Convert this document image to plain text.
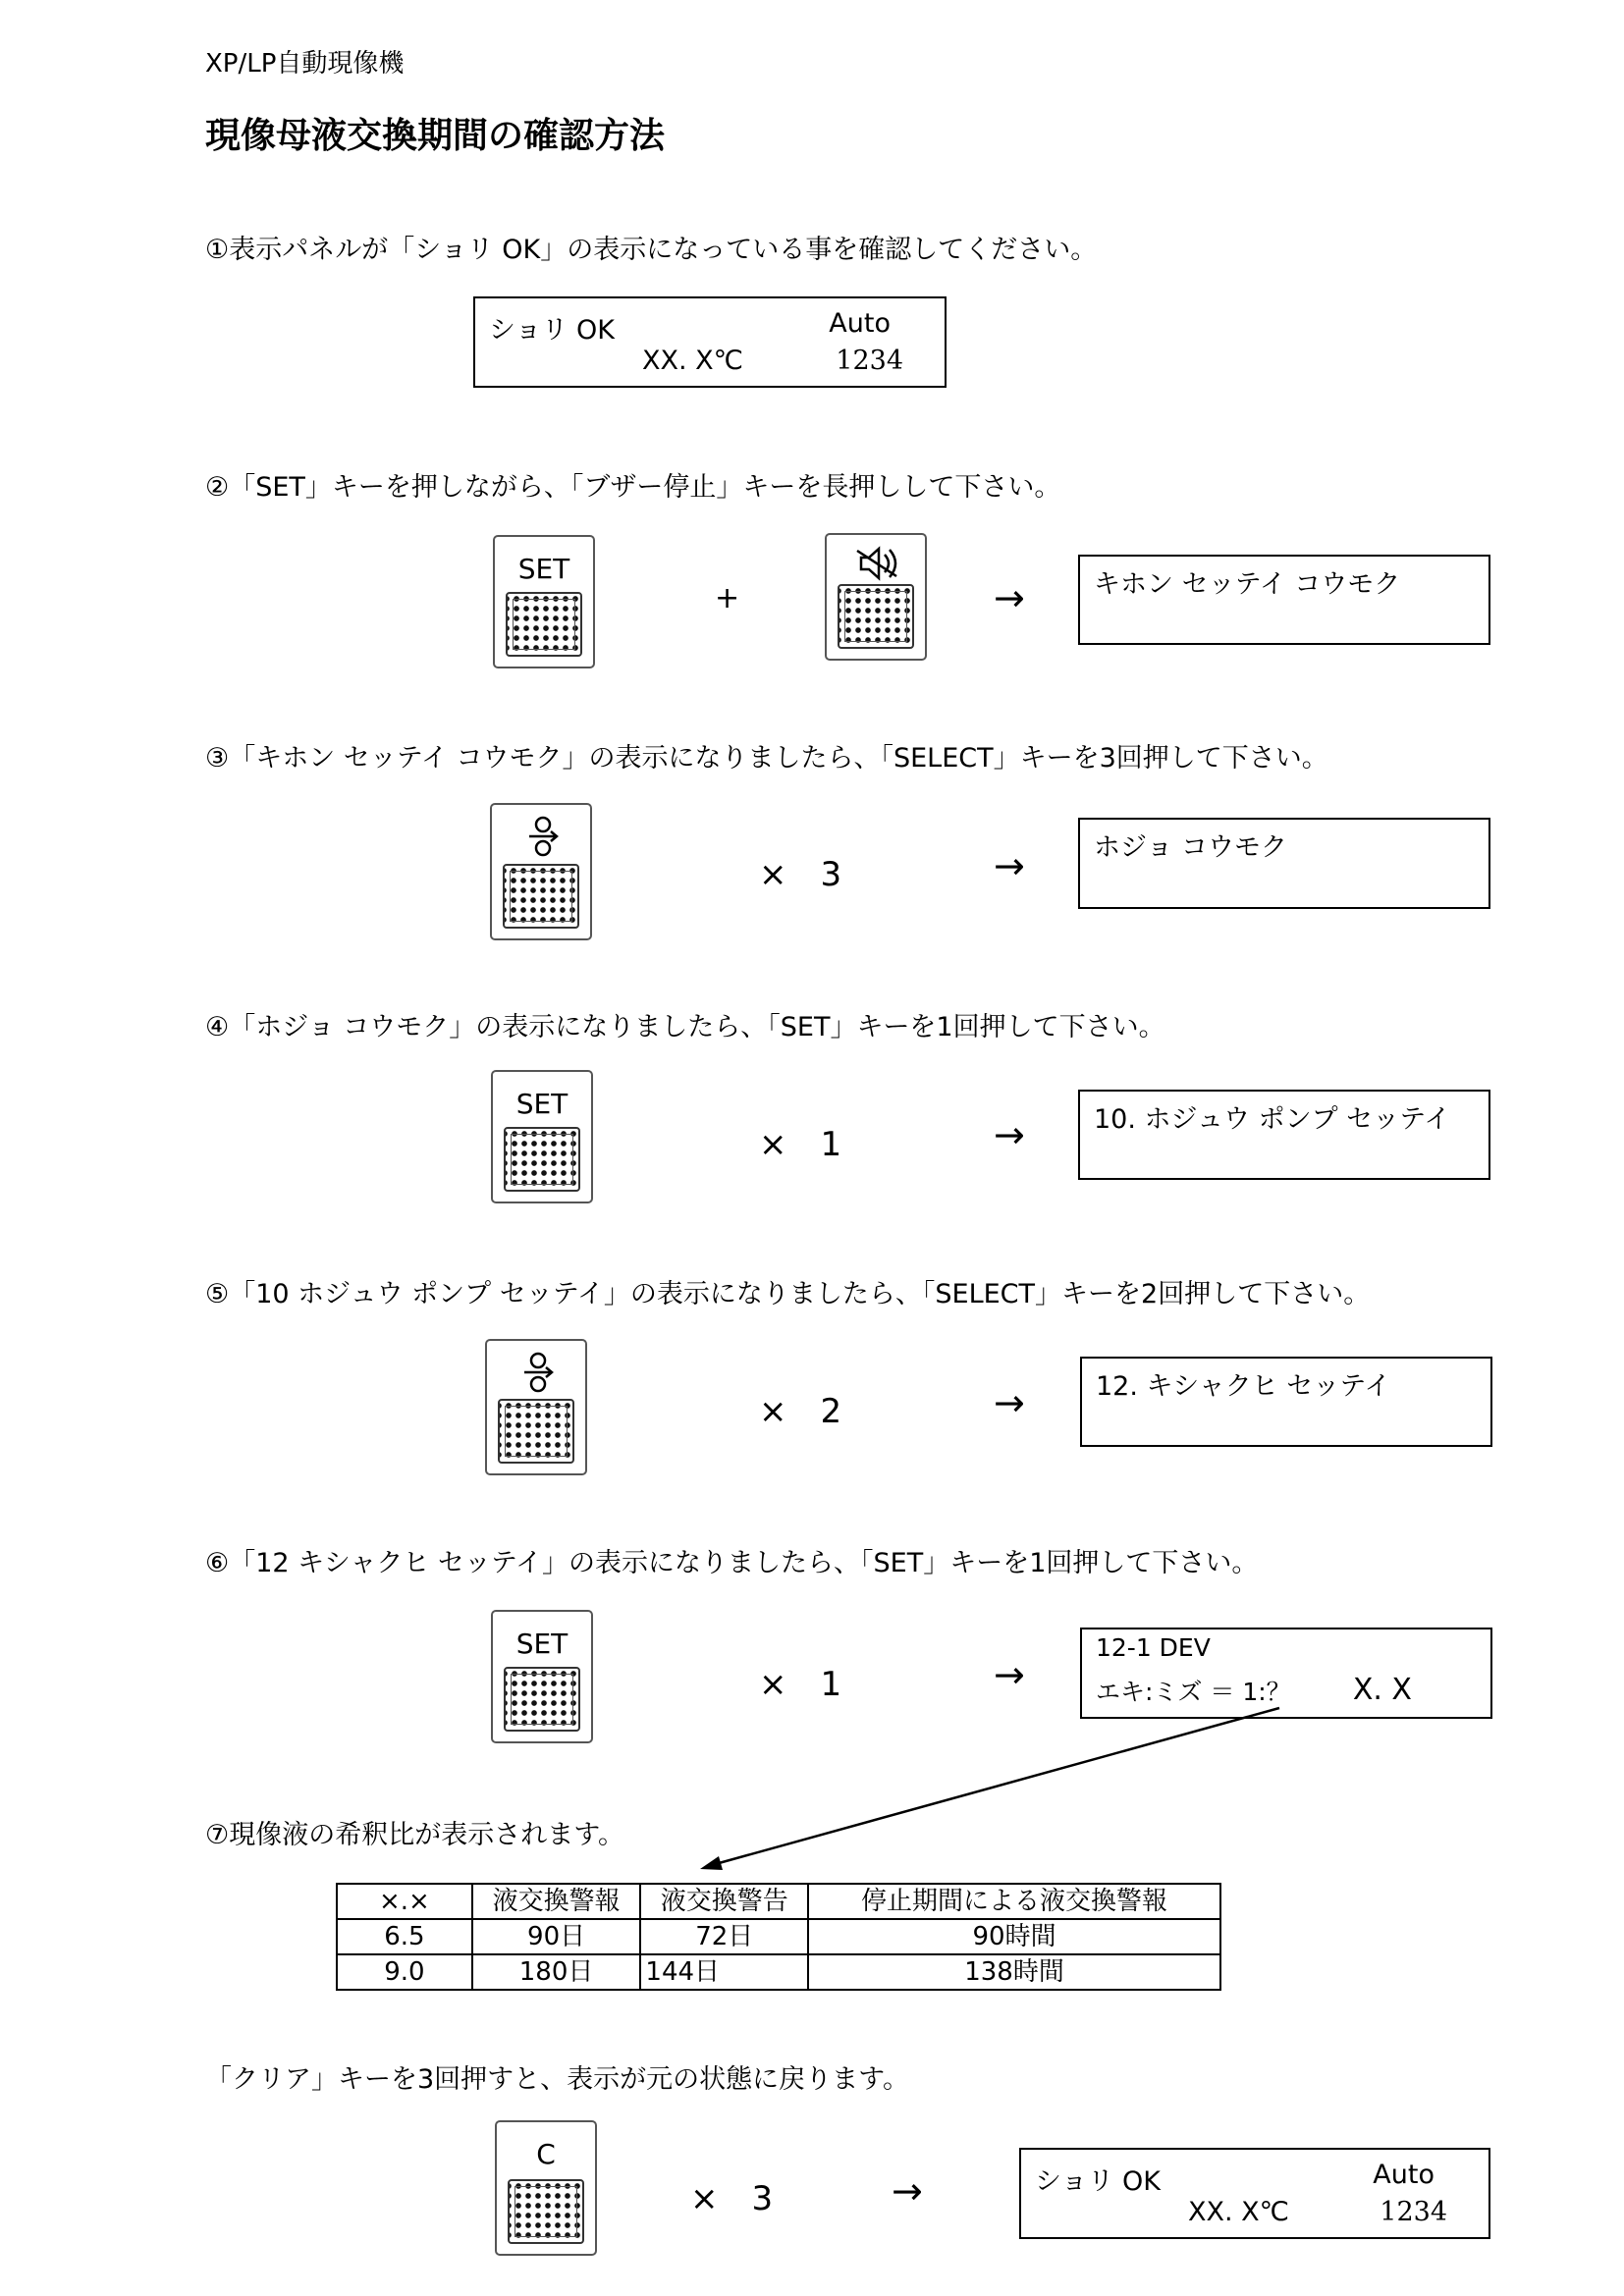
XP/LP自動現像機
現像母液交換期間の確認方法
①表示パネルが「ショリ OK」の表示になっている事を確認してください。
ショリ OK	Auto
XX. X℃	1234
②「SET」キーを押しながら、「ブザー停止」キーを長押しして下さい。
SET
+	→	キホン セッテイ コウモク
③「キホン セッテイ コウモク」の表示になりましたら、「SELECT」キーを3回押して下さい。
×　3	→	ホジョ コウモク
④「ホジョ コウモク」の表示になりましたら、「SET」キーを1回押して下さい。
SET
×　1	→	10. ホジュウ ポンプ セッテイ
⑤「10 ホジュウ ポンプ セッテイ」の表示になりましたら、「SELECT」キーを2回押して下さい。
×　2	→	12. キシャクヒ セッテイ
⑥「12 キシャクヒ セッテイ」の表示になりましたら、「SET」キーを1回押して下さい。
SET
×　1	→
12-1 DEV
エキ:ミズ ＝ 1:？ X. X
⑦現像液の希釈比が表示されます。
×.×	液交換警報	液交換警告	停止期間による液交換警報
6.5	90日	72日	90時間
9.0	180日	144日	138時間
「クリア」キーを3回押すと、表示が元の状態に戻ります。
C
×　3	→	ショリ OK	Auto
XX. X℃	1234
